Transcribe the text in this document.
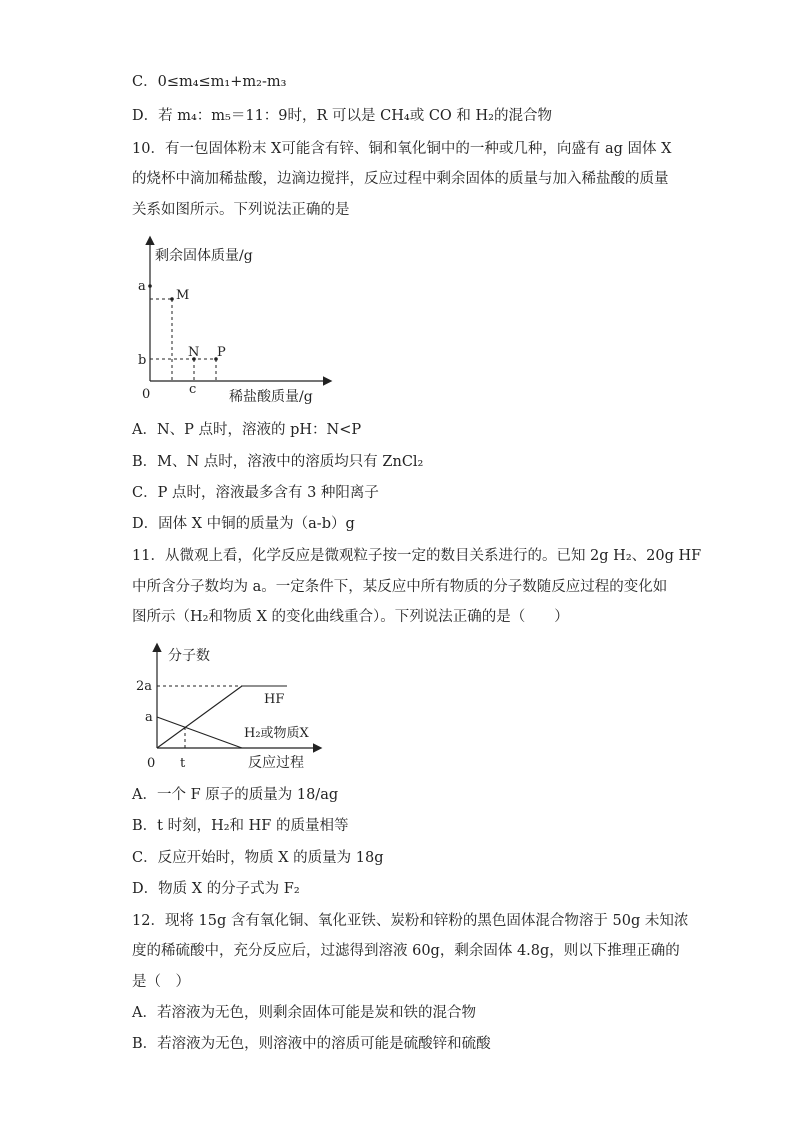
C．0≤m₄≤m₁+m₂-m₃
D．若 m₄：m₅＝11：9时，R 可以是 CH₄或 CO 和 H₂的混合物
10．有一包固体粉末 X可能含有锌、铜和氧化铜中的一种或几种，向盛有 ag 固体 X
的烧杯中滴加稀盐酸，边滴边搅拌，反应过程中剩余固体的质量与加入稀盐酸的质量
关系如图所示。下列说法正确的是
剩余固体质量/g
稀盐酸质量/g
0
a
b
c
M
N P
A．N、P 点时，溶液的 pH：N<P
B．M、N 点时，溶液中的溶质均只有 ZnCl₂
C．P 点时，溶液最多含有 3 种阳离子
D．固体 X 中铜的质量为（a-b）g
11．从微观上看，化学反应是微观粒子按一定的数目关系进行的。已知 2g H₂、20g HF
中所含分子数均为 a。一定条件下，某反应中所有物质的分子数随反应过程的变化如
图所示（H₂和物质 X 的变化曲线重合）。下列说法正确的是（　　）
分子数
反应过程
0
2a
a
t
HF
H₂或物质X
A．一个 F 原子的质量为 18/ag
B．t 时刻，H₂和 HF 的质量相等
C．反应开始时，物质 X 的质量为 18g
D．物质 X 的分子式为 F₂
12．现将 15g 含有氧化铜、氧化亚铁、炭粉和锌粉的黑色固体混合物溶于 50g 未知浓
度的稀硫酸中，充分反应后，过滤得到溶液 60g，剩余固体 4.8g，则以下推理正确的
是（　）
A．若溶液为无色，则剩余固体可能是炭和铁的混合物
B．若溶液为无色，则溶液中的溶质可能是硫酸锌和硫酸
